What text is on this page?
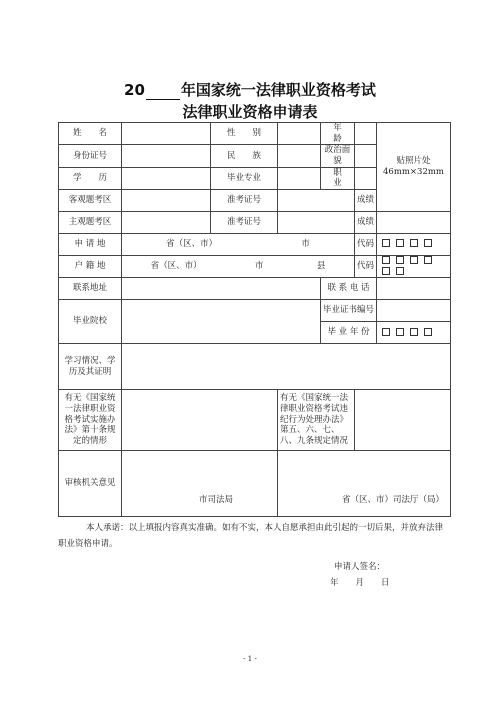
20 年国家统一法律职业资格考试
法律职业资格申请表
姓　　名		性　　别		年　　龄		贴照片处
46mm×32mm

身份证号		民　　族		政治面貌		
学　　历		毕业专业		职　　业		
客观题考区		准考证号			成绩	
主观题考区		准考证号			成绩	
申 请 地	省（区、市） 市				代码	
户 籍 地	省（区、市） 市 县				代码	
联系地址				联 系 电 话		
毕业院校				毕业证书编号		
				毕 业 年 份		
学习情况、学历及其证明						
有无《国家统一法律职业资格考试实施办法》第十条规定的情形			有无《国家统一法律职业资格考试违纪行为处理办法》第五、六、七、八、九条规定情况			
审核机关意见	市司法局		省（区、市）司法厅（局）			
本人承诺：以上填报内容真实准确。如有不实，本人自愿承担由此引起的一切后果，并放弃法律职业资格申请。
申请人签名：
年　　月　　日
- 1 -
